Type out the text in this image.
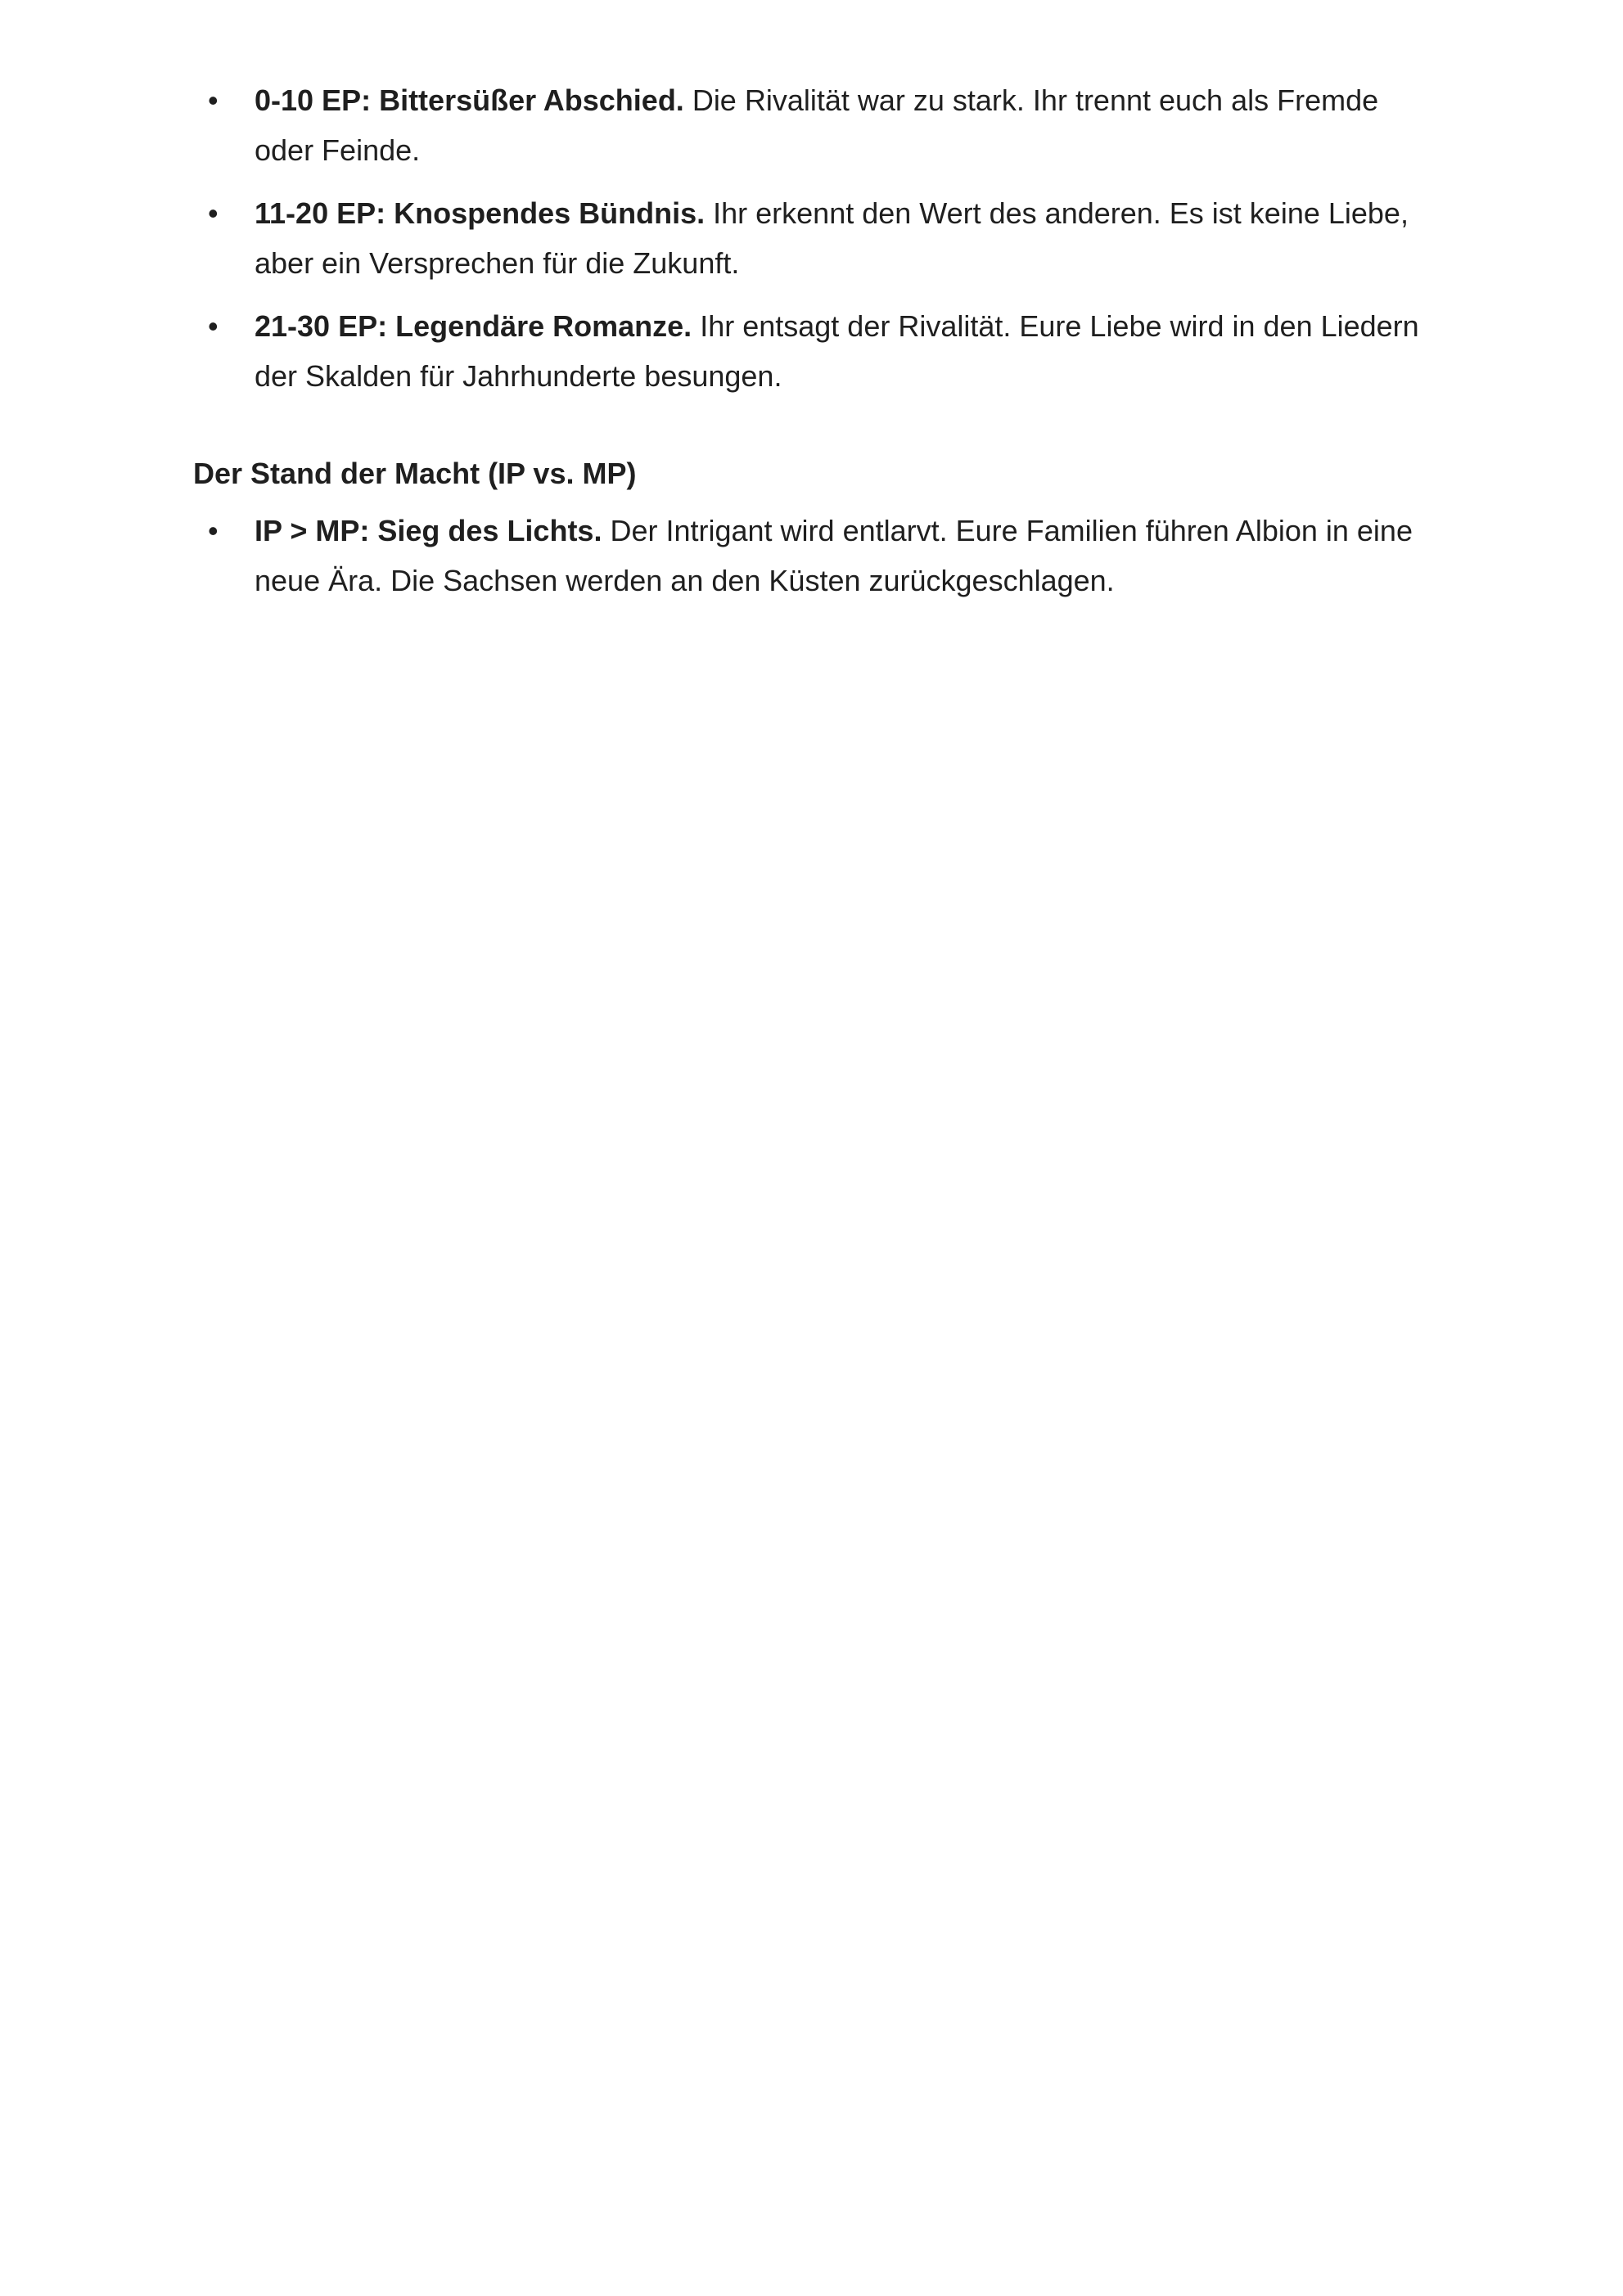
• 0-10 EP: Bittersüßer Abschied. Die Rivalität war zu stark. Ihr trennt euch als Fremde oder Feinde.
• 11-20 EP: Knospendes Bündnis. Ihr erkennt den Wert des anderen. Es ist keine Liebe, aber ein Versprechen für die Zukunft.
• 21-30 EP: Legendäre Romanze. Ihr entsagt der Rivalität. Eure Liebe wird in den Liedern der Skalden für Jahrhunderte besungen.
Der Stand der Macht (IP vs. MP)
• IP > MP: Sieg des Lichts. Der Intrigant wird entlarvt. Eure Familien führen Albion in eine neue Ära. Die Sachsen werden an den Küsten zurückgeschlagen.
